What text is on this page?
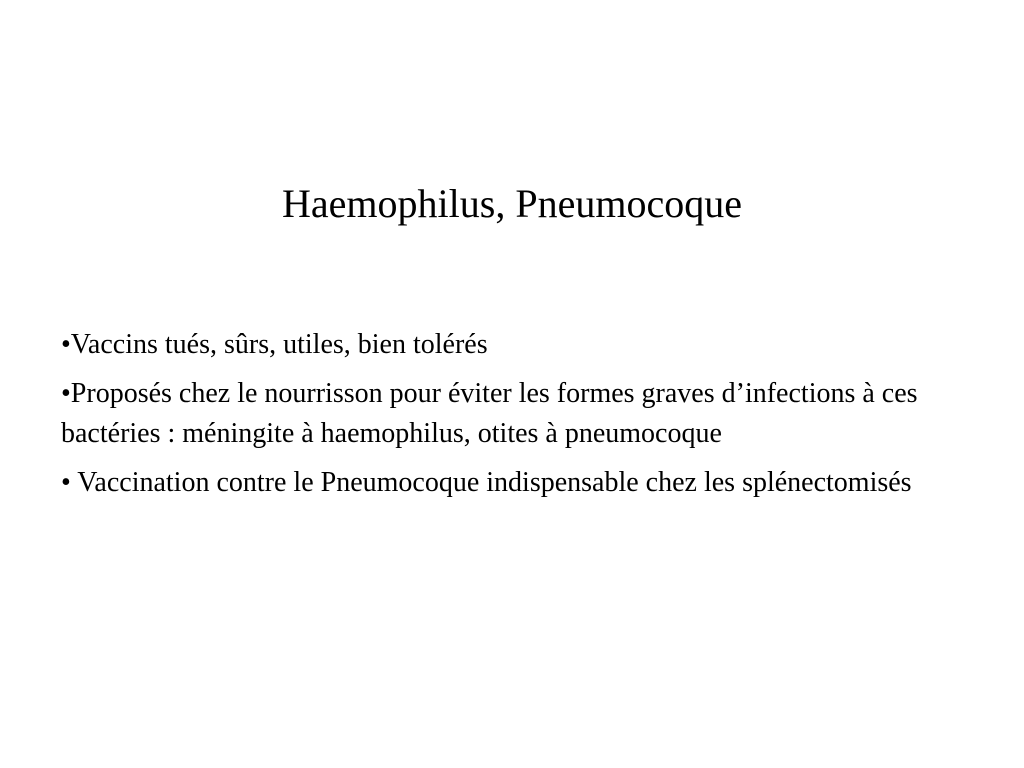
Haemophilus, Pneumocoque
•Vaccins tués, sûrs, utiles, bien tolérés
•Proposés chez le nourrisson pour éviter les formes graves d’infections à ces bactéries : méningite à haemophilus, otites à pneumocoque
• Vaccination contre le Pneumocoque indispensable chez les splénectomisés
